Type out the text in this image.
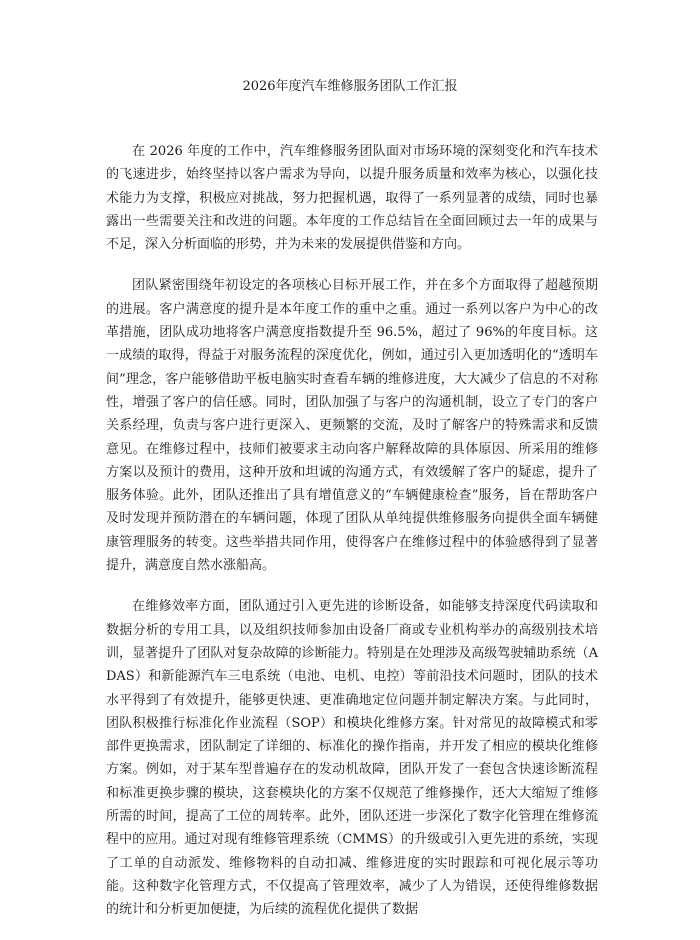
2026年度汽车维修服务团队工作汇报

在 2026 年度的工作中，汽车维修服务团队面对市场环境的深刻变化和汽车技术的飞速进步，始终坚持以客户需求为导向，以提升服务质量和效率为核心，以强化技术能力为支撑，积极应对挑战，努力把握机遇，取得了一系列显著的成绩，同时也暴露出一些需要关注和改进的问题。本年度的工作总结旨在全面回顾过去一年的成果与不足，深入分析面临的形势，并为未来的发展提供借鉴和方向。

团队紧密围绕年初设定的各项核心目标开展工作，并在多个方面取得了超越预期的进展。客户满意度的提升是本年度工作的重中之重。通过一系列以客户为中心的改革措施，团队成功地将客户满意度指数提升至 96.5%，超过了 96%的年度目标。这一成绩的取得，得益于对服务流程的深度优化，例如，通过引入更加透明化的“透明车间”理念，客户能够借助平板电脑实时查看车辆的维修进度，大大减少了信息的不对称性，增强了客户的信任感。同时，团队加强了与客户的沟通机制，设立了专门的客户关系经理，负责与客户进行更深入、更频繁的交流，及时了解客户的特殊需求和反馈意见。在维修过程中，技师们被要求主动向客户解释故障的具体原因、所采用的维修方案以及预计的费用，这种开放和坦诚的沟通方式，有效缓解了客户的疑虑，提升了服务体验。此外，团队还推出了具有增值意义的“车辆健康检查”服务，旨在帮助客户及时发现并预防潜在的车辆问题，体现了团队从单纯提供维修服务向提供全面车辆健康管理服务的转变。这些举措共同作用，使得客户在维修过程中的体验感得到了显著提升，满意度自然水涨船高。

在维修效率方面，团队通过引入更先进的诊断设备，如能够支持深度代码读取和数据分析的专用工具，以及组织技师参加由设备厂商或专业机构举办的高级别技术培训，显著提升了团队对复杂故障的诊断能力。特别是在处理涉及高级驾驶辅助系统（ADAS）和新能源汽车三电系统（电池、电机、电控）等前沿技术问题时，团队的技术水平得到了有效提升，能够更快速、更准确地定位问题并制定解决方案。与此同时，团队积极推行标准化作业流程（SOP）和模块化维修方案。针对常见的故障模式和零部件更换需求，团队制定了详细的、标准化的操作指南，并开发了相应的模块化维修方案。例如，对于某车型普遍存在的发动机故障，团队开发了一套包含快速诊断流程和标准更换步骤的模块，这套模块化的方案不仅规范了维修操作，还大大缩短了维修所需的时间，提高了工位的周转率。此外，团队还进一步深化了数字化管理在维修流程中的应用。通过对现有维修管理系统（CMMS）的升级或引入更先进的系统，实现了工单的自动派发、维修物料的自动扣减、维修进度的实时跟踪和可视化展示等功能。这种数字化管理方式，不仅提高了管理效率，减少了人为错误，还使得维修数据的统计和分析更加便捷，为后续的流程优化提供了数据
